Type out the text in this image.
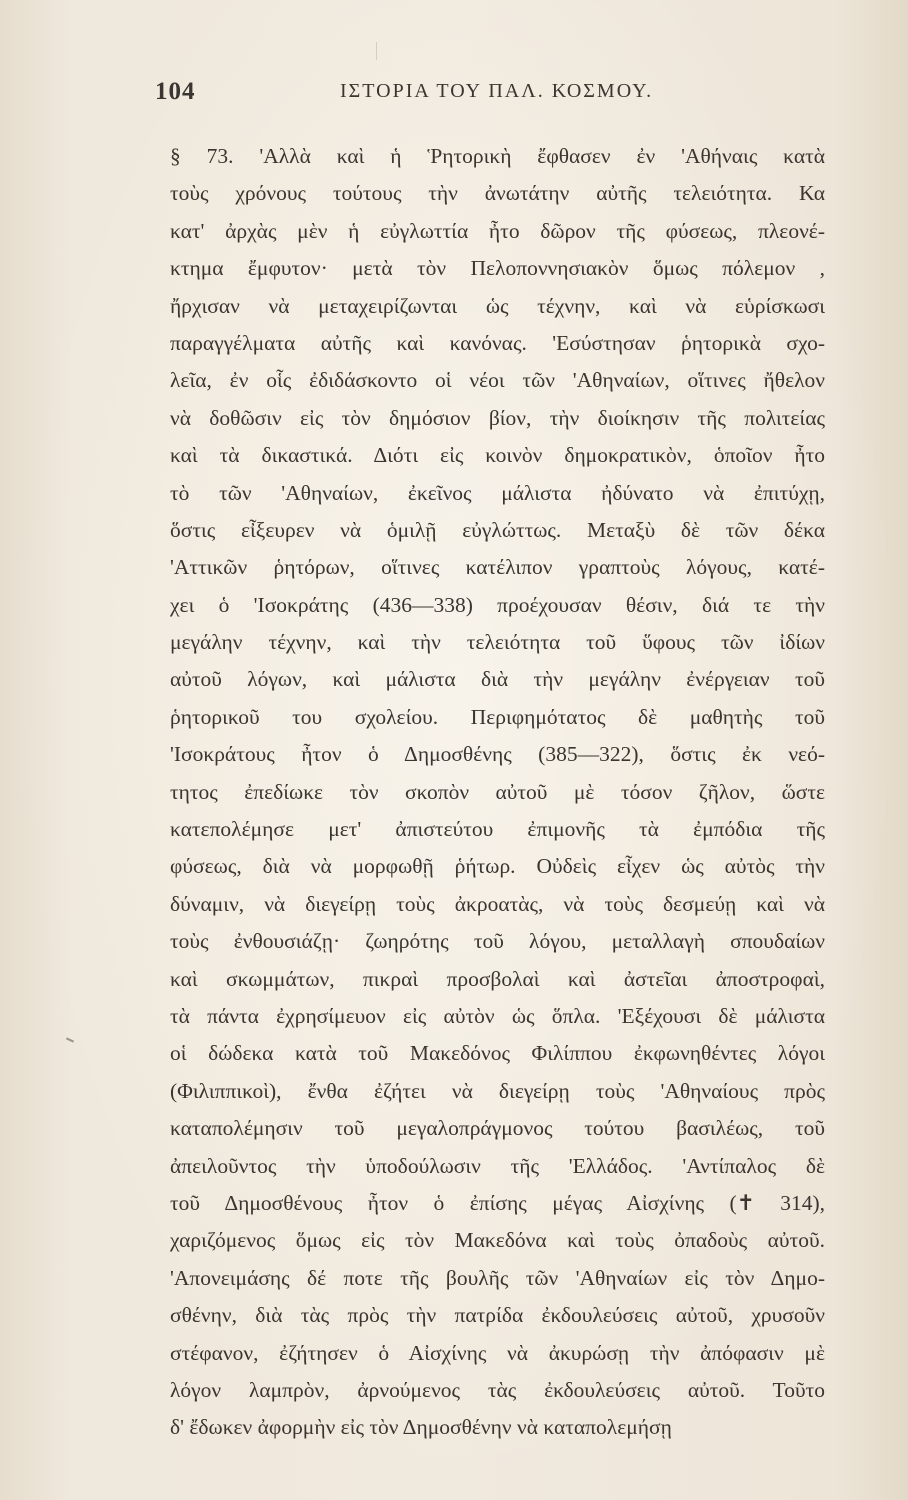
104	ΙΣΤΟΡΙΑ ΤΟΥ ΠΑΛ. ΚΟΣΜΟΥ.
§ 73. 'Αλλὰ καὶ ἡ Ῥητορικὴ ἔφθασεν ἐν 'Αθήναις κατὰ
τοὺς χρόνους τούτους τὴν ἀνωτάτην αὐτῆς τελειότητα. Κα
κατ' ἀρχὰς μὲν ἡ εὐγλωττία ἦτο δῶρον τῆς φύσεως, πλεονέ-
κτημα ἔμφυτον· μετὰ τὸν Πελοποννησιακὸν ὅμως πόλεμον ,
ἤρχισαν νὰ μεταχειρίζωνται ὡς τέχνην, καὶ νὰ εὑρίσκωσι
παραγγέλματα αὐτῆς καὶ κανόνας. 'Εσύστησαν ῥητορικὰ σχο-
λεῖα, ἐν οἷς ἐδιδάσκοντο οἱ νέοι τῶν 'Αθηναίων, οἵτινες ἤθελον
νὰ δοθῶσιν εἰς τὸν δημόσιον βίον, τὴν διοίκησιν τῆς πολιτείας
καὶ τὰ δικαστικά. Διότι εἰς κοινὸν δημοκρατικὸν, ὁποῖον ἦτο
τὸ τῶν 'Αθηναίων, ἐκεῖνος μάλιστα ἠδύνατο νὰ ἐπιτύχῃ,
ὅστις εἶξευρεν νὰ ὁμιλῇ εὐγλώττως. Μεταξὺ δὲ τῶν δέκα
'Αττικῶν ῥητόρων, οἵτινες κατέλιπον γραπτοὺς λόγους, κατέ-
χει ὁ 'Ισοκράτης (436—338) προέχουσαν θέσιν, διά τε τὴν
μεγάλην τέχνην, καὶ τὴν τελειότητα τοῦ ὕφους τῶν ἰδίων
αὐτοῦ λόγων, καὶ μάλιστα διὰ τὴν μεγάλην ἐνέργειαν τοῦ
ῥητορικοῦ του σχολείου. Περιφημότατος δὲ μαθητὴς τοῦ
'Ισοκράτους ἦτον ὁ Δημοσθένης (385—322), ὅστις ἐκ νεό-
τητος ἐπεδίωκε τὸν σκοπὸν αὐτοῦ μὲ τόσον ζῆλον, ὥστε
κατεπολέμησε μετ' ἀπιστεύτου ἐπιμονῆς τὰ ἐμπόδια τῆς
φύσεως, διὰ νὰ μορφωθῇ ῥήτωρ. Οὐδεὶς εἶχεν ὡς αὐτὸς τὴν
δύναμιν, νὰ διεγείρῃ τοὺς ἀκροατὰς, νὰ τοὺς δεσμεύῃ καὶ νὰ
τοὺς ἐνθουσιάζῃ· ζωηρότης τοῦ λόγου, μεταλλαγὴ σπουδαίων
καὶ σκωμμάτων, πικραὶ προσβολαὶ καὶ ἀστεῖαι ἀποστροφαὶ,
τὰ πάντα ἐχρησίμευον εἰς αὐτὸν ὡς ὅπλα. 'Εξέχουσι δὲ μάλιστα
οἱ δώδεκα κατὰ τοῦ Μακεδόνος Φιλίππου ἐκφωνηθέντες λόγοι
(Φιλιππικοὶ), ἔνθα ἐζήτει νὰ διεγείρῃ τοὺς 'Αθηναίους πρὸς
καταπολέμησιν τοῦ μεγαλοπράγμονος τούτου βασιλέως, τοῦ
ἀπειλοῦντος τὴν ὑποδούλωσιν τῆς 'Ελλάδος. 'Αντίπαλος δὲ
τοῦ Δημοσθένους ἦτον ὁ ἐπίσης μέγας Αἰσχίνης (✝ 314),
χαριζόμενος ὅμως εἰς τὸν Μακεδόνα καὶ τοὺς ὀπαδοὺς αὐτοῦ.
'Απονειμάσης δέ ποτε τῆς βουλῆς τῶν 'Αθηναίων εἰς τὸν Δημο-
σθένην, διὰ τὰς πρὸς τὴν πατρίδα ἐκδουλεύσεις αὐτοῦ, χρυσοῦν
στέφανον, ἐζήτησεν ὁ Αἰσχίνης νὰ ἀκυρώσῃ τὴν ἀπόφασιν μὲ
λόγον λαμπρὸν, ἀρνούμενος τὰς ἐκδουλεύσεις αὐτοῦ. Τοῦτο
δ' ἔδωκεν ἀφορμὴν εἰς τὸν Δημοσθένην νὰ καταπολεμήσῃ
